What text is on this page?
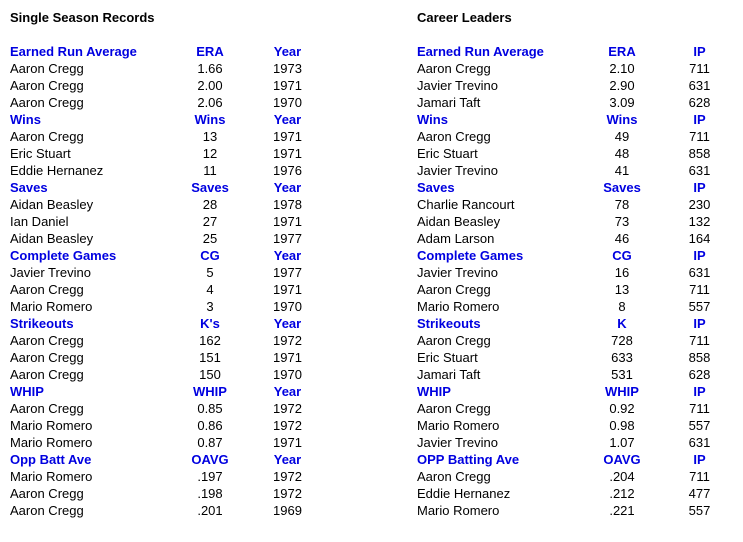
Single Season Records
Earned Run Average	ERA	Year
Aaron Cregg	1.66	1973
Aaron Cregg	2.00	1971
Aaron Cregg	2.06	1970
Wins	Wins	Year
Aaron Cregg	13	1971
Eric Stuart	12	1971
Eddie Hernanez	11	1976
Saves	Saves	Year
Aidan Beasley	28	1978
Ian Daniel	27	1971
Aidan Beasley	25	1977
Complete Games	CG	Year
Javier Trevino	5	1977
Aaron Cregg	4	1971
Mario Romero	3	1970
Strikeouts	K's	Year
Aaron Cregg	162	1972
Aaron Cregg	151	1971
Aaron Cregg	150	1970
WHIP	WHIP	Year
Aaron Cregg	0.85	1972
Mario Romero	0.86	1972
Mario Romero	0.87	1971
Opp Batt Ave	OAVG	Year
Mario Romero	.197	1972
Aaron Cregg	.198	1972
Aaron Cregg	.201	1969
Career Leaders
Earned Run Average	ERA	IP
Aaron Cregg	2.10	711
Javier Trevino	2.90	631
Jamari Taft	3.09	628
Wins	Wins	IP
Aaron Cregg	49	711
Eric Stuart	48	858
Javier Trevino	41	631
Saves	Saves	IP
Charlie Rancourt	78	230
Aidan Beasley	73	132
Adam Larson	46	164
Complete Games	CG	IP
Javier Trevino	16	631
Aaron Cregg	13	711
Mario Romero	8	557
Strikeouts	K	IP
Aaron Cregg	728	711
Eric Stuart	633	858
Jamari Taft	531	628
WHIP	WHIP	IP
Aaron Cregg	0.92	711
Mario Romero	0.98	557
Javier Trevino	1.07	631
OPP Batting Ave	OAVG	IP
Aaron Cregg	.204	711
Eddie Hernanez	.212	477
Mario Romero	.221	557
